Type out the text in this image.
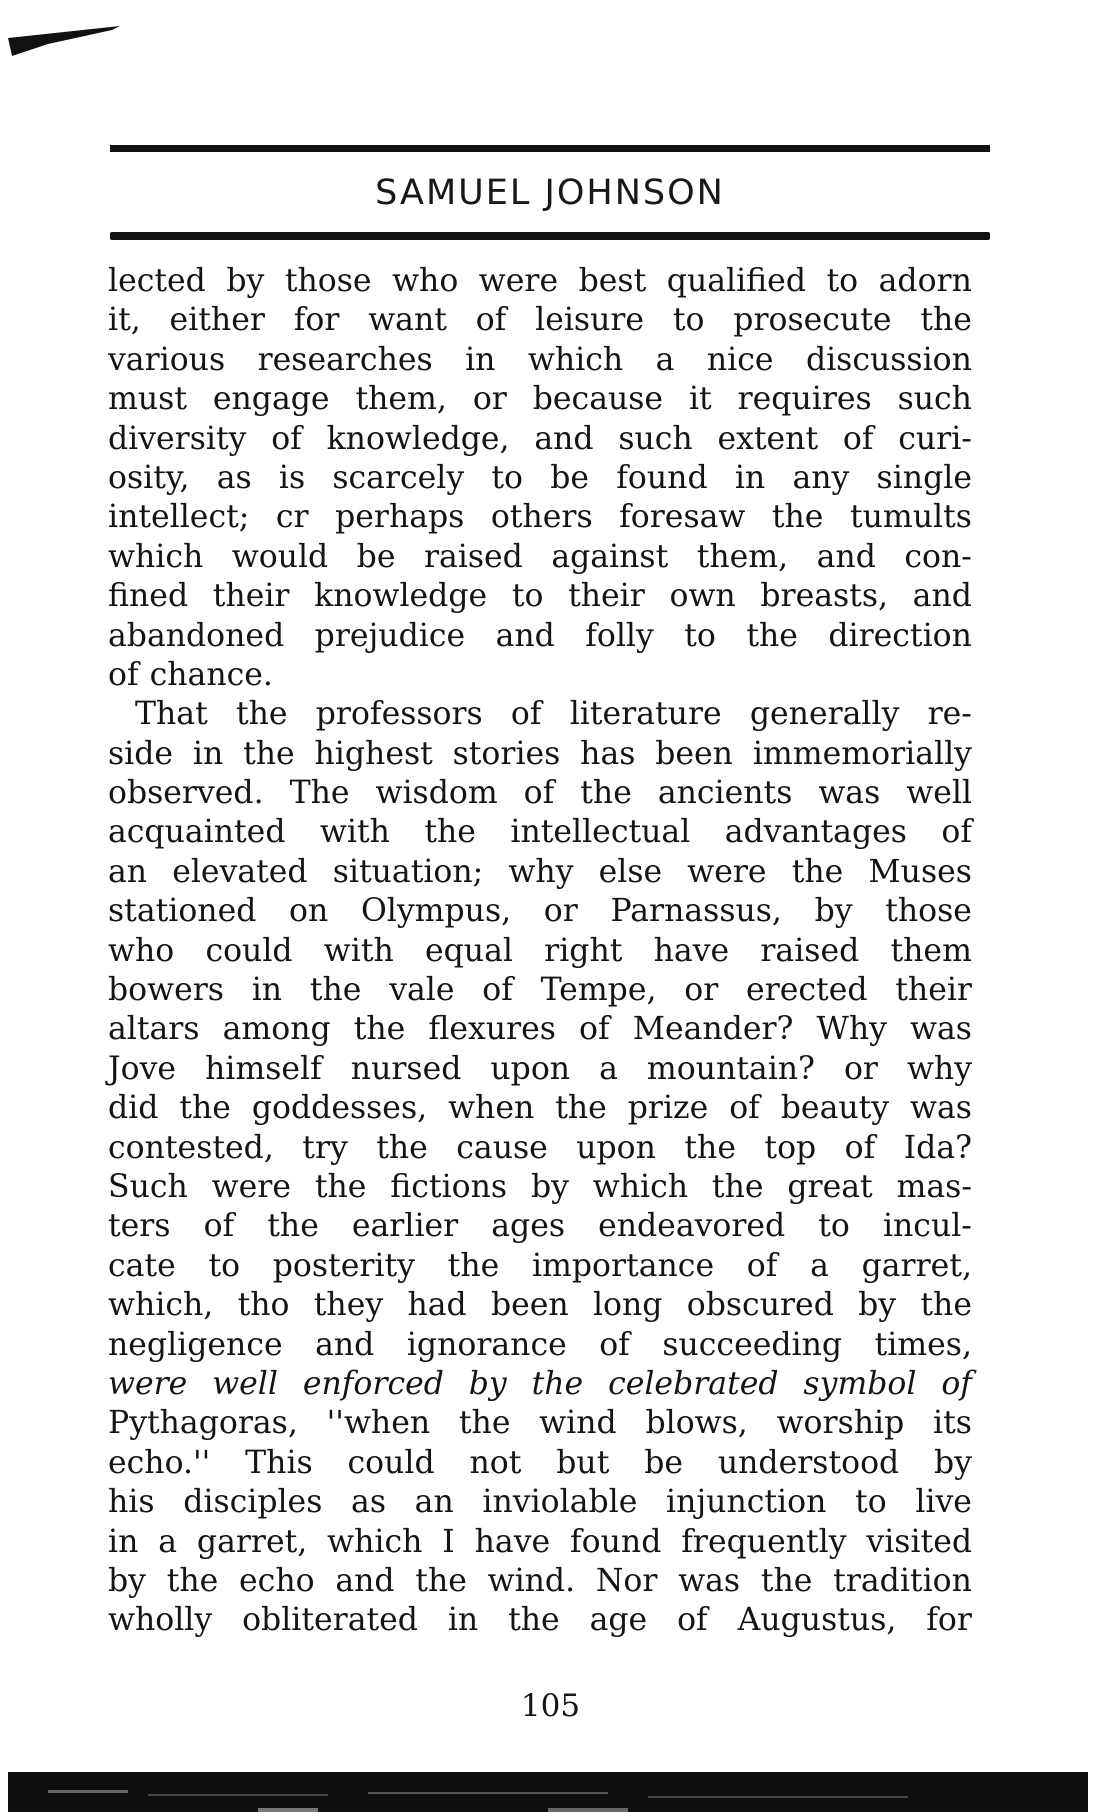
SAMUEL JOHNSON
lected by those who were best qualified to adorn
it, either for want of leisure to prosecute the
various researches in which a nice discussion
must engage them, or because it requires such
diversity of knowledge, and such extent of curi-
osity, as is scarcely to be found in any single
intellect; cr perhaps others foresaw the tumults
which would be raised against them, and con-
fined their knowledge to their own breasts, and
abandoned prejudice and folly to the direction
of chance.
That the professors of literature generally re-
side in the highest stories has been immemorially
observed. The wisdom of the ancients was well
acquainted with the intellectual advantages of
an elevated situation; why else were the Muses
stationed on Olympus, or Parnassus, by those
who could with equal right have raised them
bowers in the vale of Tempe, or erected their
altars among the flexures of Meander? Why was
Jove himself nursed upon a mountain? or why
did the goddesses, when the prize of beauty was
contested, try the cause upon the top of Ida?
Such were the fictions by which the great mas-
ters of the earlier ages endeavored to incul-
cate to posterity the importance of a garret,
which, tho they had been long obscured by the
negligence and ignorance of succeeding times,
were well enforced by the celebrated symbol of
Pythagoras, ''when the wind blows, worship its
echo.'' This could not but be understood by
his disciples as an inviolable injunction to live
in a garret, which I have found frequently visited
by the echo and the wind. Nor was the tradition
wholly obliterated in the age of Augustus, for
105
